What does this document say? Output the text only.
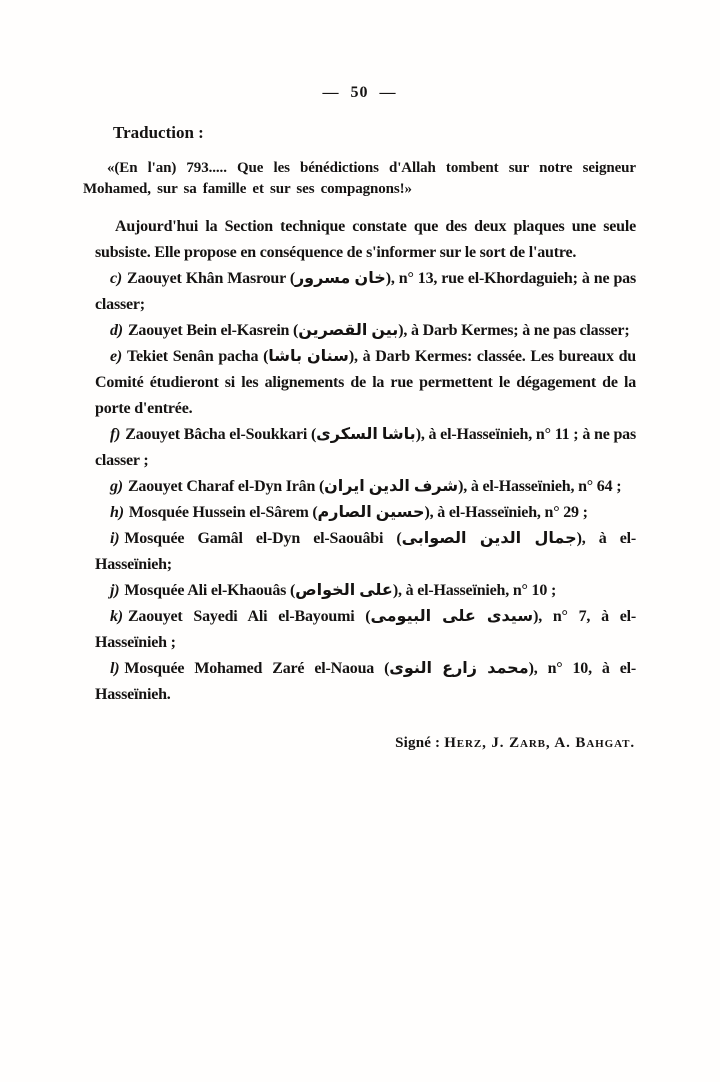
— 50 —
Traduction :

«(En l'an) 793..... Que les bénédictions d'Allah tombent sur notre seigneur Mohamed, sur sa famille et sur ses compagnons!»

Aujourd'hui la Section technique constate que des deux plaques une seule subsiste. Elle propose en conséquence de s'informer sur le sort de l'autre.

c) Zaouyet Khân Masrour (خان مسرور), n° 13, rue el-Khordaguieh; à ne pas classer;

d) Zaouyet Bein el-Kasrein (بين القصرين), à Darb Kermes; à ne pas classer;

e) Tekiet Senân pacha (سنان باشا), à Darb Kermes: classée. Les bureaux du Comité étudieront si les alignements de la rue permettent le dégagement de la porte d'entrée.

f) Zaouyet Bâcha el-Soukkari (باشا السكرى), à el-Hasseïnieh, n° 11 ; à ne pas classer ;

g) Zaouyet Charaf el-Dyn Irân (شرف الدين ايران), à el-Hasseïnieh, n° 64 ;

h) Mosquée Hussein el-Sârem (حسين الصارم), à el-Hasseïnieh, n° 29 ;

i) Mosquée Gamâl el-Dyn el-Saouâbi (جمال الدين الصوابى), à el-Hasseïnieh;

j) Mosquée Ali el-Khaouâs (على الخواص), à el-Hasseïnieh, n° 10 ;

k) Zaouyet Sayedi Ali el-Bayoumi (سيدى على البيومى), n° 7, à el-Hasseïnieh ;

l) Mosquée Mohamed Zaré el-Naoua (محمد زارع النوى), n° 10, à el-Hasseïnieh.

Signé : Herz, J. Zarb, A. Bahgat.
